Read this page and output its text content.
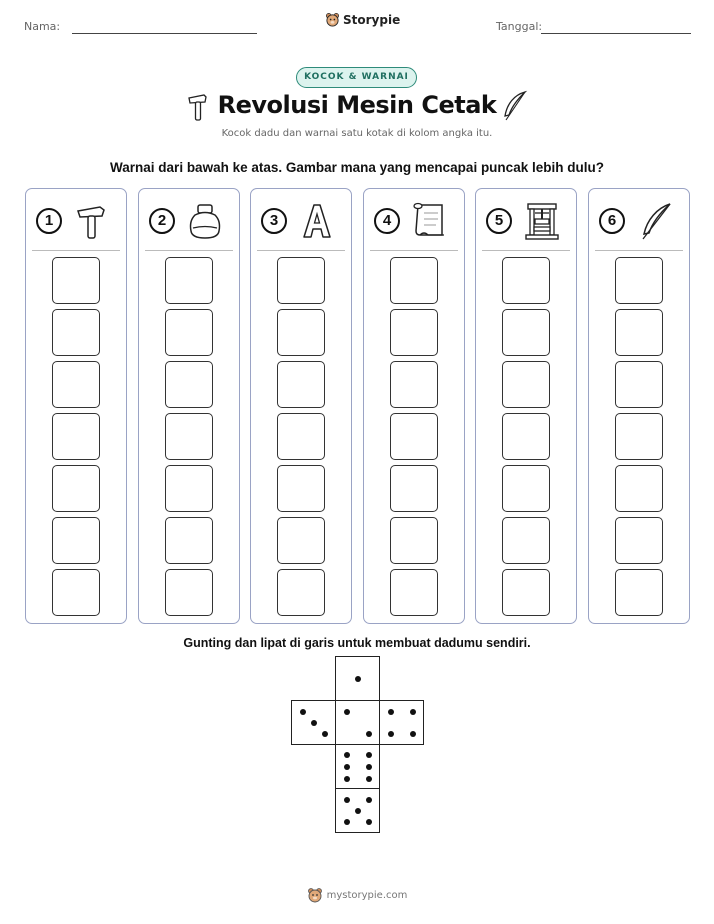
Nama:	Storypie	Tanggal:
KOCOK & WARNAI
Revolusi Mesin Cetak
Kocok dadu dan warnai satu kotak di kolom angka itu.
Warnai dari bawah ke atas. Gambar mana yang mencapai puncak lebih dulu?
1	2	3	4	5	6
Gunting dan lipat di garis untuk membuat dadumu sendiri.
mystorypie.com
